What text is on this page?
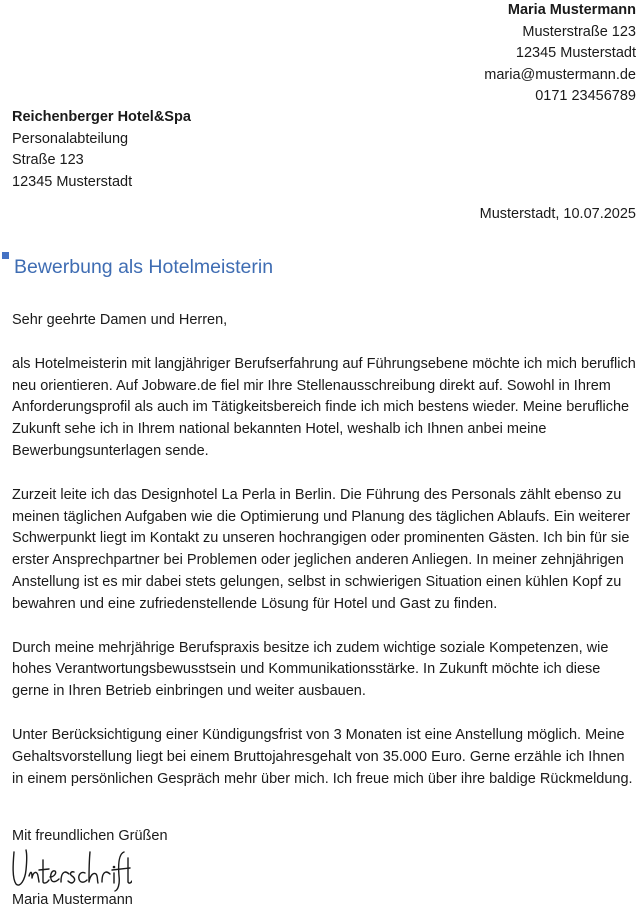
Maria Mustermann
Musterstraße 123
12345 Musterstadt
maria@mustermann.de
0171 23456789
Reichenberger Hotel&Spa
Personalabteilung
Straße 123
12345 Musterstadt
Musterstadt, 10.07.2025
Bewerbung als Hotelmeisterin

Sehr geehrte Damen und Herren,

als Hotelmeisterin mit langjähriger Berufserfahrung auf Führungsebene möchte ich mich beruflich neu orientieren. Auf Jobware.de fiel mir Ihre Stellenausschreibung direkt auf. Sowohl in Ihrem Anforderungsprofil als auch im Tätigkeitsbereich finde ich mich bestens wieder. Meine berufliche Zukunft sehe ich in Ihrem national bekannten Hotel, weshalb ich Ihnen anbei meine Bewerbungsunterlagen sende.

Zurzeit leite ich das Designhotel La Perla in Berlin. Die Führung des Personals zählt ebenso zu meinen täglichen Aufgaben wie die Optimierung und Planung des täglichen Ablaufs. Ein weiterer Schwerpunkt liegt im Kontakt zu unseren hochrangigen oder prominenten Gästen. Ich bin für sie erster Ansprechpartner bei Problemen oder jeglichen anderen Anliegen. In meiner zehnjährigen Anstellung ist es mir dabei stets gelungen, selbst in schwierigen Situation einen kühlen Kopf zu bewahren und eine zufriedenstellende Lösung für Hotel und Gast zu finden.

Durch meine mehrjährige Berufspraxis besitze ich zudem wichtige soziale Kompetenzen, wie hohes Verantwortungsbewusstsein und Kommunikationsstärke. In Zukunft möchte ich diese gerne in Ihren Betrieb einbringen und weiter ausbauen.

Unter Berücksichtigung einer Kündigungsfrist von 3 Monaten ist eine Anstellung möglich. Meine Gehaltsvorstellung liegt bei einem Bruttojahresgehalt von 35.000 Euro. Gerne erzähle ich Ihnen in einem persönlichen Gespräch mehr über mich. Ich freue mich über ihre baldige Rückmeldung.

Mit freundlichen Grüßen
Unterschrift
Maria Mustermann
